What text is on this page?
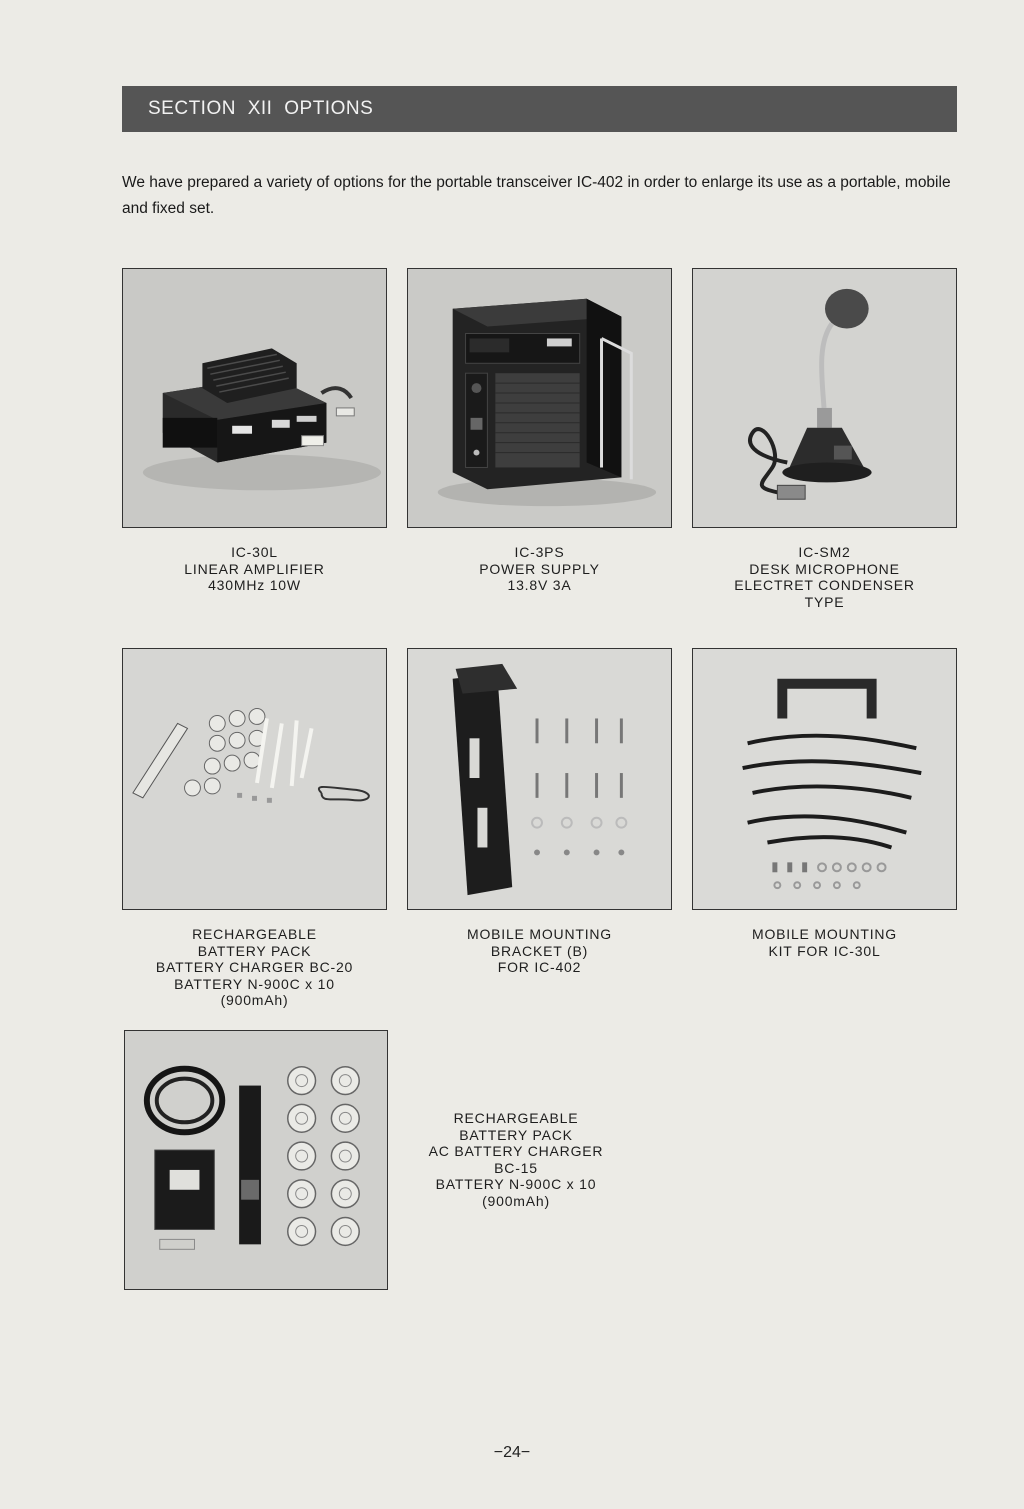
SECTION XII OPTIONS
We have prepared a variety of options for the portable transceiver IC-402 in order to enlarge its use as a portable, mobile and fixed set.
IC-30L
LINEAR AMPLIFIER
430MHz 10W
IC-3PS
POWER SUPPLY
13.8V 3A
IC-SM2
DESK MICROPHONE
ELECTRET CONDENSER
TYPE
RECHARGEABLE
BATTERY PACK
BATTERY CHARGER BC-20
BATTERY N-900C x 10
(900mAh)
MOBILE MOUNTING
BRACKET (B)
FOR IC-402
MOBILE MOUNTING
KIT FOR IC-30L
RECHARGEABLE
BATTERY PACK
AC BATTERY CHARGER
BC-15
BATTERY N-900C x 10
(900mAh)
−24−
